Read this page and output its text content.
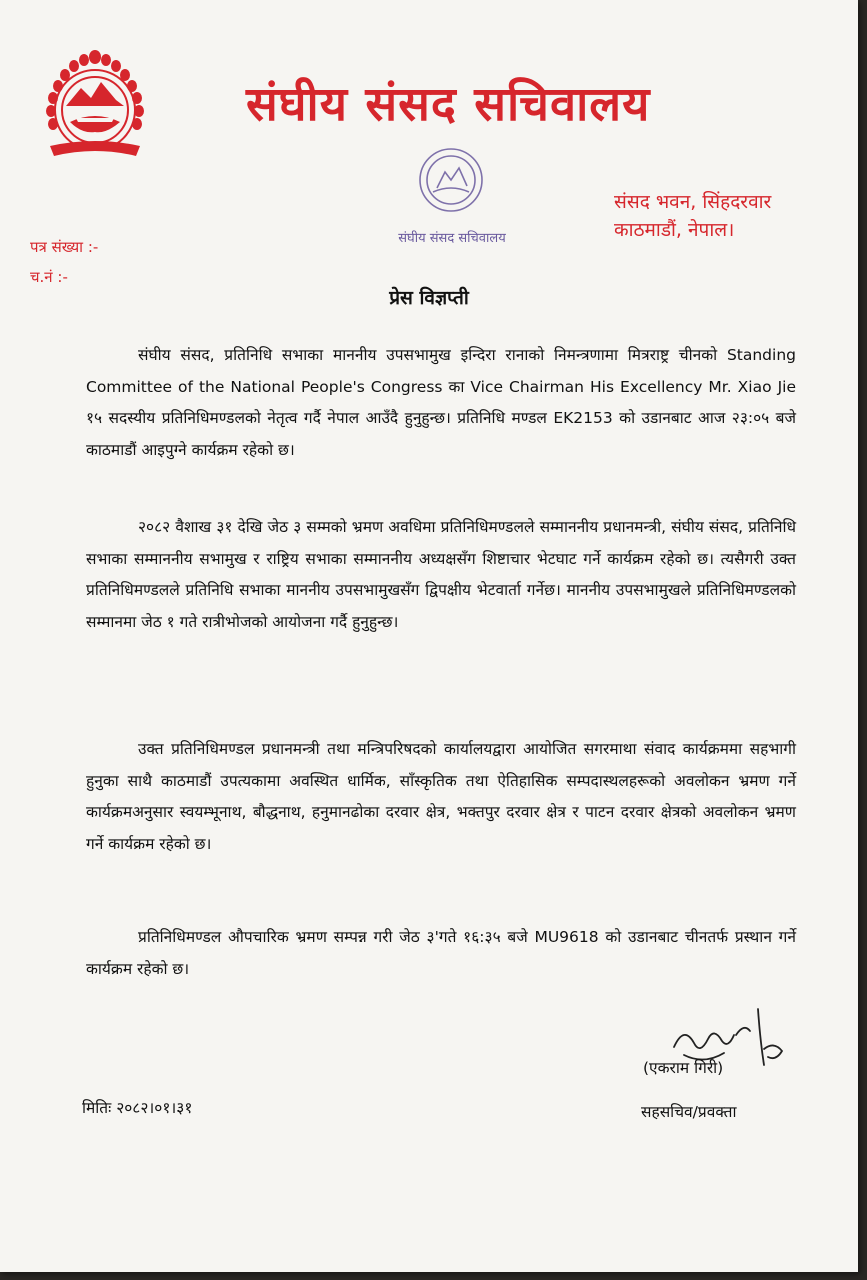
संघीय संसद सचिवालय
संघीय संसद सचिवालय
संसद भवन, सिंहदरवार
काठमाडौं, नेपाल।
पत्र संख्या :-
च.नं :-
प्रेस विज्ञप्ती
संघीय संसद, प्रतिनिधि सभाका माननीय उपसभामुख इन्दिरा रानाको निमन्त्रणामा मित्रराष्ट्र चीनको Standing Committee of the National People's Congress का Vice Chairman His Excellency Mr. Xiao Jie १५ सदस्यीय प्रतिनिधिमण्डलको नेतृत्व गर्दै नेपाल आउँदै हुनुहुन्छ। प्रतिनिधि मण्डल EK2153 को उडानबाट आज २३:०५ बजे काठमाडौं आइपुग्ने कार्यक्रम रहेको छ।
२०८२ वैशाख ३१ देखि जेठ ३ सम्मको भ्रमण अवधिमा प्रतिनिधिमण्डलले सम्माननीय प्रधानमन्त्री, संघीय संसद, प्रतिनिधि सभाका सम्माननीय सभामुख र राष्ट्रिय सभाका सम्माननीय अध्यक्षसँग शिष्टाचार भेटघाट गर्ने कार्यक्रम रहेको छ। त्यसैगरी उक्त प्रतिनिधिमण्डलले प्रतिनिधि सभाका माननीय उपसभामुखसँग द्विपक्षीय भेटवार्ता गर्नेछ। माननीय उपसभामुखले प्रतिनिधिमण्डलको सम्मानमा जेठ १ गते रात्रीभोजको आयोजना गर्दै हुनुहुन्छ।
उक्त प्रतिनिधिमण्डल प्रधानमन्त्री तथा मन्त्रिपरिषदको कार्यालयद्वारा आयोजित सगरमाथा संवाद कार्यक्रममा सहभागी हुनुका साथै काठमाडौं उपत्यकामा अवस्थित धार्मिक, साँस्कृतिक तथा ऐतिहासिक सम्पदास्थलहरूको अवलोकन भ्रमण गर्ने कार्यक्रमअनुसार स्वयम्भूनाथ, बौद्धनाथ, हनुमानढोका दरवार क्षेत्र, भक्तपुर दरवार क्षेत्र र पाटन दरवार क्षेत्रको अवलोकन भ्रमण गर्ने कार्यक्रम रहेको छ।
प्रतिनिधिमण्डल औपचारिक भ्रमण सम्पन्न गरी जेठ ३'गते १६:३५ बजे MU9618 को उडानबाट चीनतर्फ प्रस्थान गर्ने कार्यक्रम रहेको छ।
(एकराम गिरी)
सहसचिव/प्रवक्ता
मितिः २०८२।०१।३१
